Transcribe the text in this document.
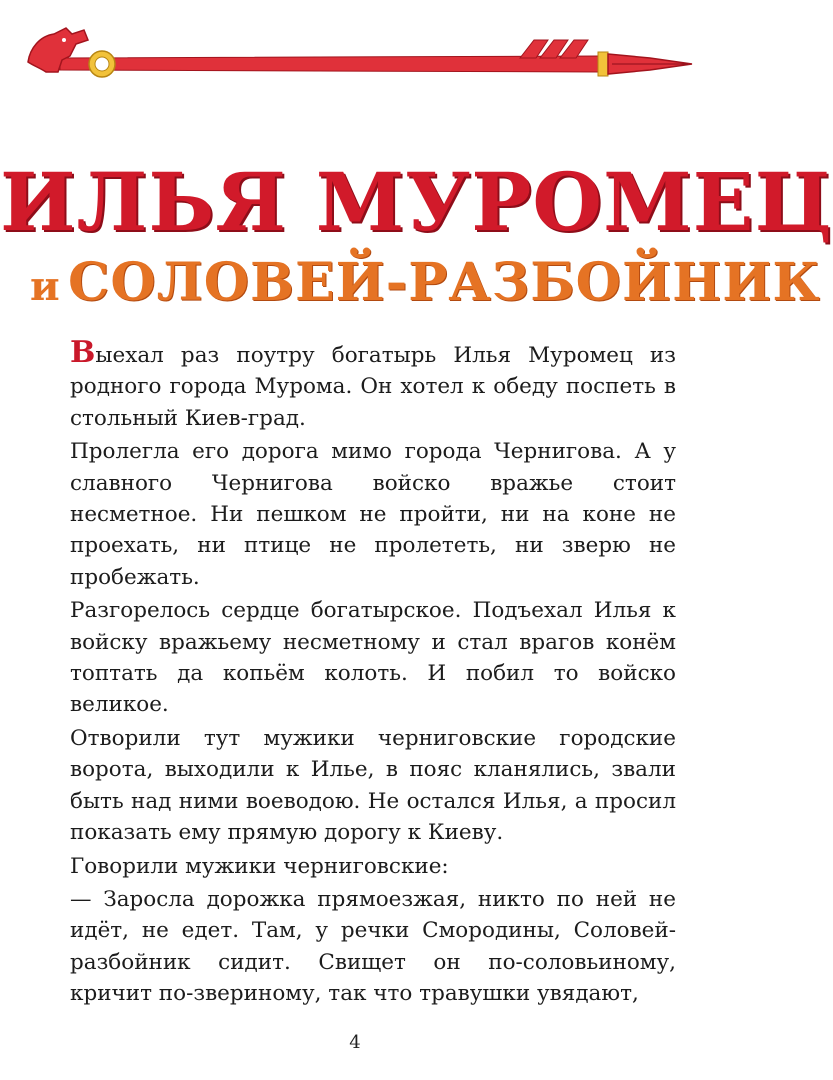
ИЛЬЯ МУРОМЕЦ
и СОЛОВЕЙ-РАЗБОЙНИК

Выехал раз поутру богатырь Илья Муромец из родного города Мурома. Он хотел к обеду поспеть в стольный Киев-град.

Пролегла его дорога мимо города Чернигова. А у славного Чернигова войско вражье стоит несметное. Ни пешком не пройти, ни на коне не проехать, ни птице не пролететь, ни зверю не пробежать.

Разгорелось сердце богатырское. Подъехал Илья к войску вражьему несметному и стал врагов конём топтать да копьём колоть. И побил то войско великое.

Отворили тут мужики черниговские городские ворота, выходили к Илье, в пояс кланялись, звали быть над ними воеводою. Не остался Илья, а просил показать ему прямую дорогу к Киеву.

Говорили мужики черниговские:

— Заросла дорожка прямоезжая, никто по ней не идёт, не едет. Там, у речки Смородины, Соловей-разбойник сидит. Свищет он по-соловьиному, кричит по-звериному, так что травушки увядают,

4
